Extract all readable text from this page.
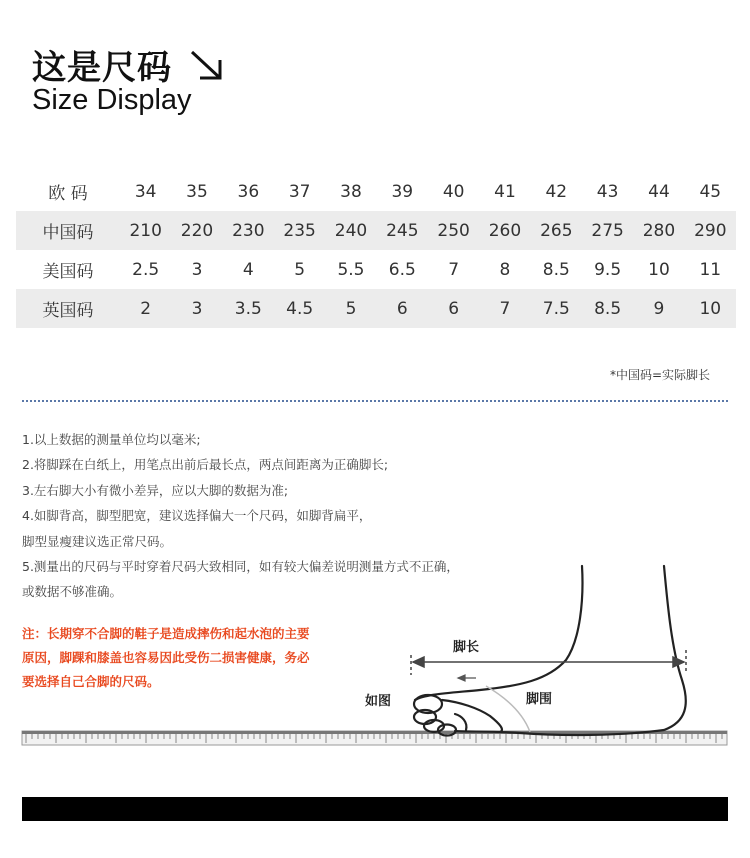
这是尺码
Size Display
欧 码	34	35	36	37	38	39	40	41	42	43	44	45
中国码	210	220	230	235	240	245	250	260	265	275	280	290
美国码	2.5	3	4	5	5.5	6.5	7	8	8.5	9.5	10	11
英国码	2	3	3.5	4.5	5	6	6	7	7.5	8.5	9	10
*中国码=实际脚长
1.以上数据的测量单位均以毫米;
2.将脚踩在白纸上，用笔点出前后最长点，两点间距离为正确脚长;
3.左右脚大小有微小差异，应以大脚的数据为准;
4.如脚背高，脚型肥宽，建议选择偏大一个尺码，如脚背扁平，
脚型显瘦建议选正常尺码。
5.测量出的尺码与平时穿着尺码大致相同，如有较大偏差说明测量方式不正确，
或数据不够准确。
注：长期穿不合脚的鞋子是造成摔伤和起水泡的主要
原因，脚踝和膝盖也容易因此受伤二损害健康，务必
要选择自己合脚的尺码。
脚长
脚围
如图
